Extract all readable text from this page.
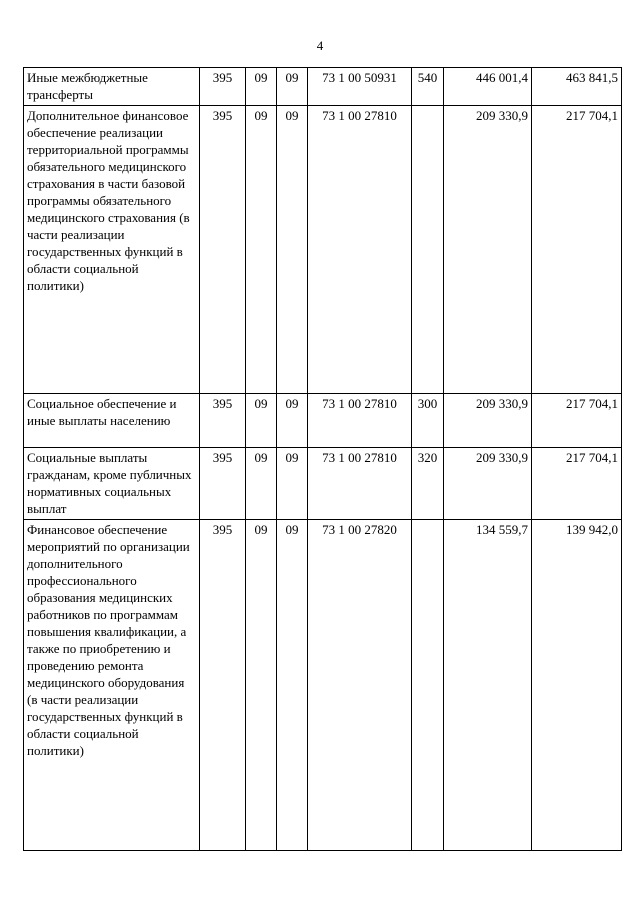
4
Иные межбюджетные трансферты	395	09	09	73 1 00 50931	540	446 001,4	463 841,5
Дополнительное финансовое обеспечение реализации территориальной программы обязательного медицинского страхования в части базовой программы обязательного медицинского страхования (в части реализации государственных функций в области социальной политики)	395	09	09	73 1 00 27810		209 330,9	217 704,1
Социальное обеспечение и иные выплаты населению	395	09	09	73 1 00 27810	300	209 330,9	217 704,1
Социальные выплаты гражданам, кроме публичных нормативных социальных выплат	395	09	09	73 1 00 27810	320	209 330,9	217 704,1
Финансовое обеспечение мероприятий по организации дополнительного профессионального образования медицинских работников по программам повышения квалификации, а также по приобретению и проведению ремонта медицинского оборудования (в части реализации государственных функций в области социальной политики)	395	09	09	73 1 00 27820		134 559,7	139 942,0
